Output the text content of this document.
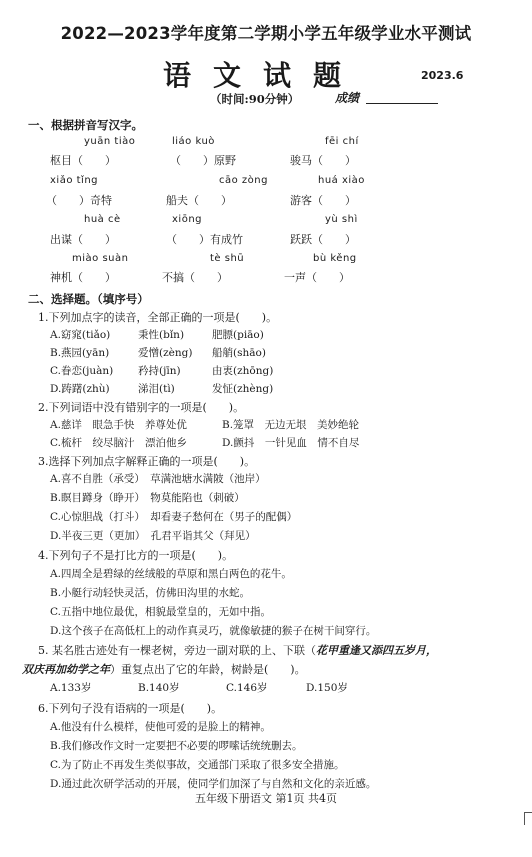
2022—2023学年度第二学期小学五年级学业水平测试
语文试题	2023.6
（时间:90分钟）	成绩
一、根据拼音写汉字。
yuān tiào	liáo kuò	fēi chí
枢目（　　）	（　　）原野	骏马（　　）
xiǎo tǐng	cāo zòng	huá xiào
（　　）奇特	船夫（　　）	游客（　　）
huà cè	xiōng	yù shì
出谋（　　）	（　　）有成竹	跃跃（　　）
miào suàn	tè shū	bù kěng
神机（　　）	不搞（　　）	一声（　　）
二、选择题。（填序号）
1.下列加点字的读音，全部正确的一项是(　　)。
A.窈窕(tiǎo)	秉性(bǐn)	肥膘(piāo)
B.燕园(yān)	爱憎(zèng) 船艄(shāo)
C.眷恋(juàn) 矜持(jīn)	由衷(zhōng)
D.踌躇(zhù)	涕泪(tì)	发怔(zhèng)
2.下列词语中没有错别字的一项是(　　)。
A.慈详　眼急手快　养尊处优	B.笼罩　无边无垠　美妙绝轮
C.梳杆　绞尽脑汁　漂泊他乡	D.颤抖　一针见血　情不自尽
3.选择下列加点字解释正确的一项是(　　)。
A.喜不自胜（承受）　草满池塘水满陂（池岸）
B.瞑目蹲身（睁开）　物莫能陷也（刺破）
C.心惊胆战（打斗）　却看妻子愁何在（男子的配偶）
D.半夜三更（更加）　孔君平诣其父（拜见）
4.下列句子不是打比方的一项是(　　)。
A.四周全是碧绿的丝绒般的草原和黑白两色的花牛。
B.小艇行动轻快灵活，仿佛田沟里的水蛇。
C.五指中地位最优，相貌最堂皇的，无如中指。
D.这个孩子在高低杠上的动作真灵巧，就像敏捷的猴子在树干间穿行。
5. 某名胜古迹处有一棵老树，旁边一副对联的上、下联（花甲重逢又添四五岁月，
双庆再加幼学之年）重复点出了它的年龄，树龄是(　　)。
A.133岁	B.140岁	C.146岁	D.150岁
6.下列句子没有语病的一项是(　　)。
A.他没有什么模样，使他可爱的是脸上的精神。
B.我们修改作文时一定要把不必要的啰嗦话统统删去。
C.为了防止不再发生类似事故，交通部门采取了很多安全措施。
D.通过此次研学活动的开展，使同学们加深了与自然和文化的亲近感。
五年级下册语文 第1页 共4页
